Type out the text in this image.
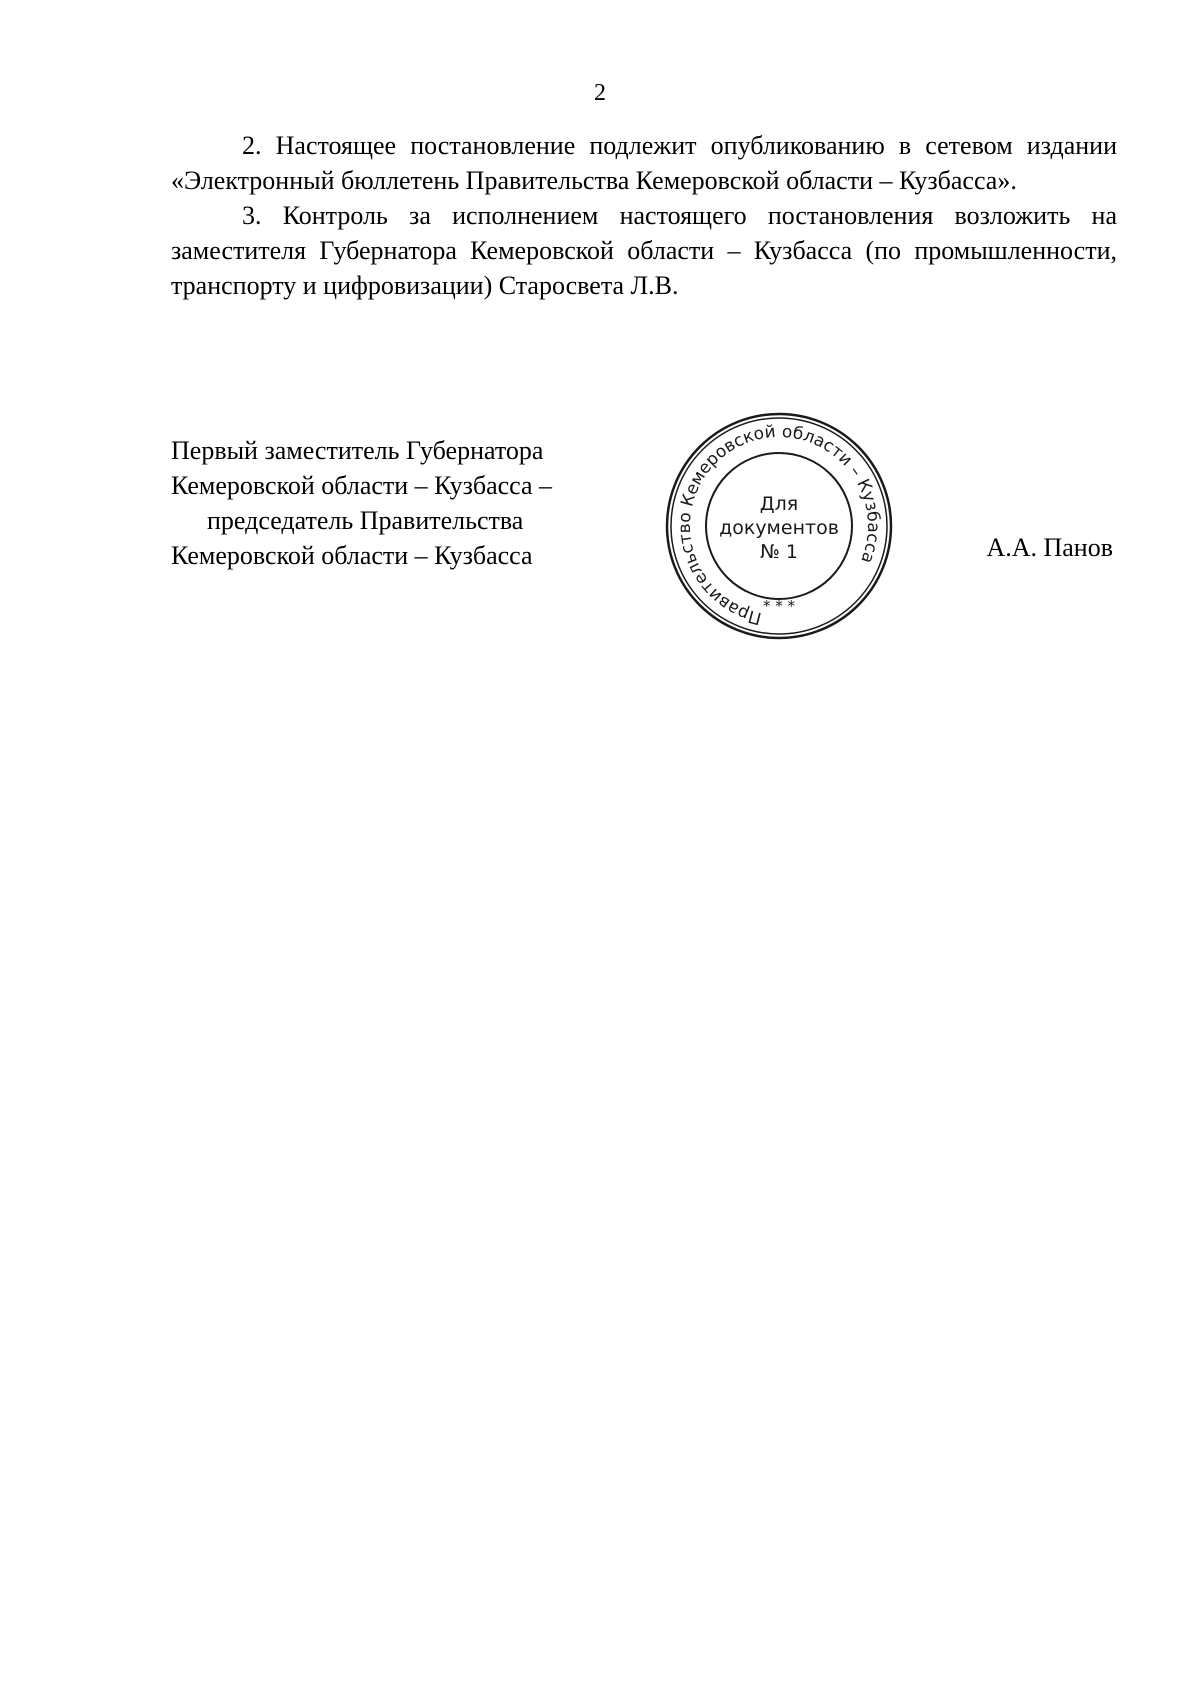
2

2. Настоящее постановление подлежит опубликованию в сетевом издании «Электронный бюллетень Правительства Кемеровской области – Кузбасса».

3. Контроль за исполнением настоящего постановления возложить на заместителя Губернатора Кемеровской области – Кузбасса (по промышленности, транспорту и цифровизации) Старосвета Л.В.

Первый заместитель Губернатора
Кемеровской области – Кузбасса –
председатель Правительства
Кемеровской области – Кузбасса
Правительство Кемеровской области – Кузбасса
* * *
Для
документов
№ 1	А.А. Панов
